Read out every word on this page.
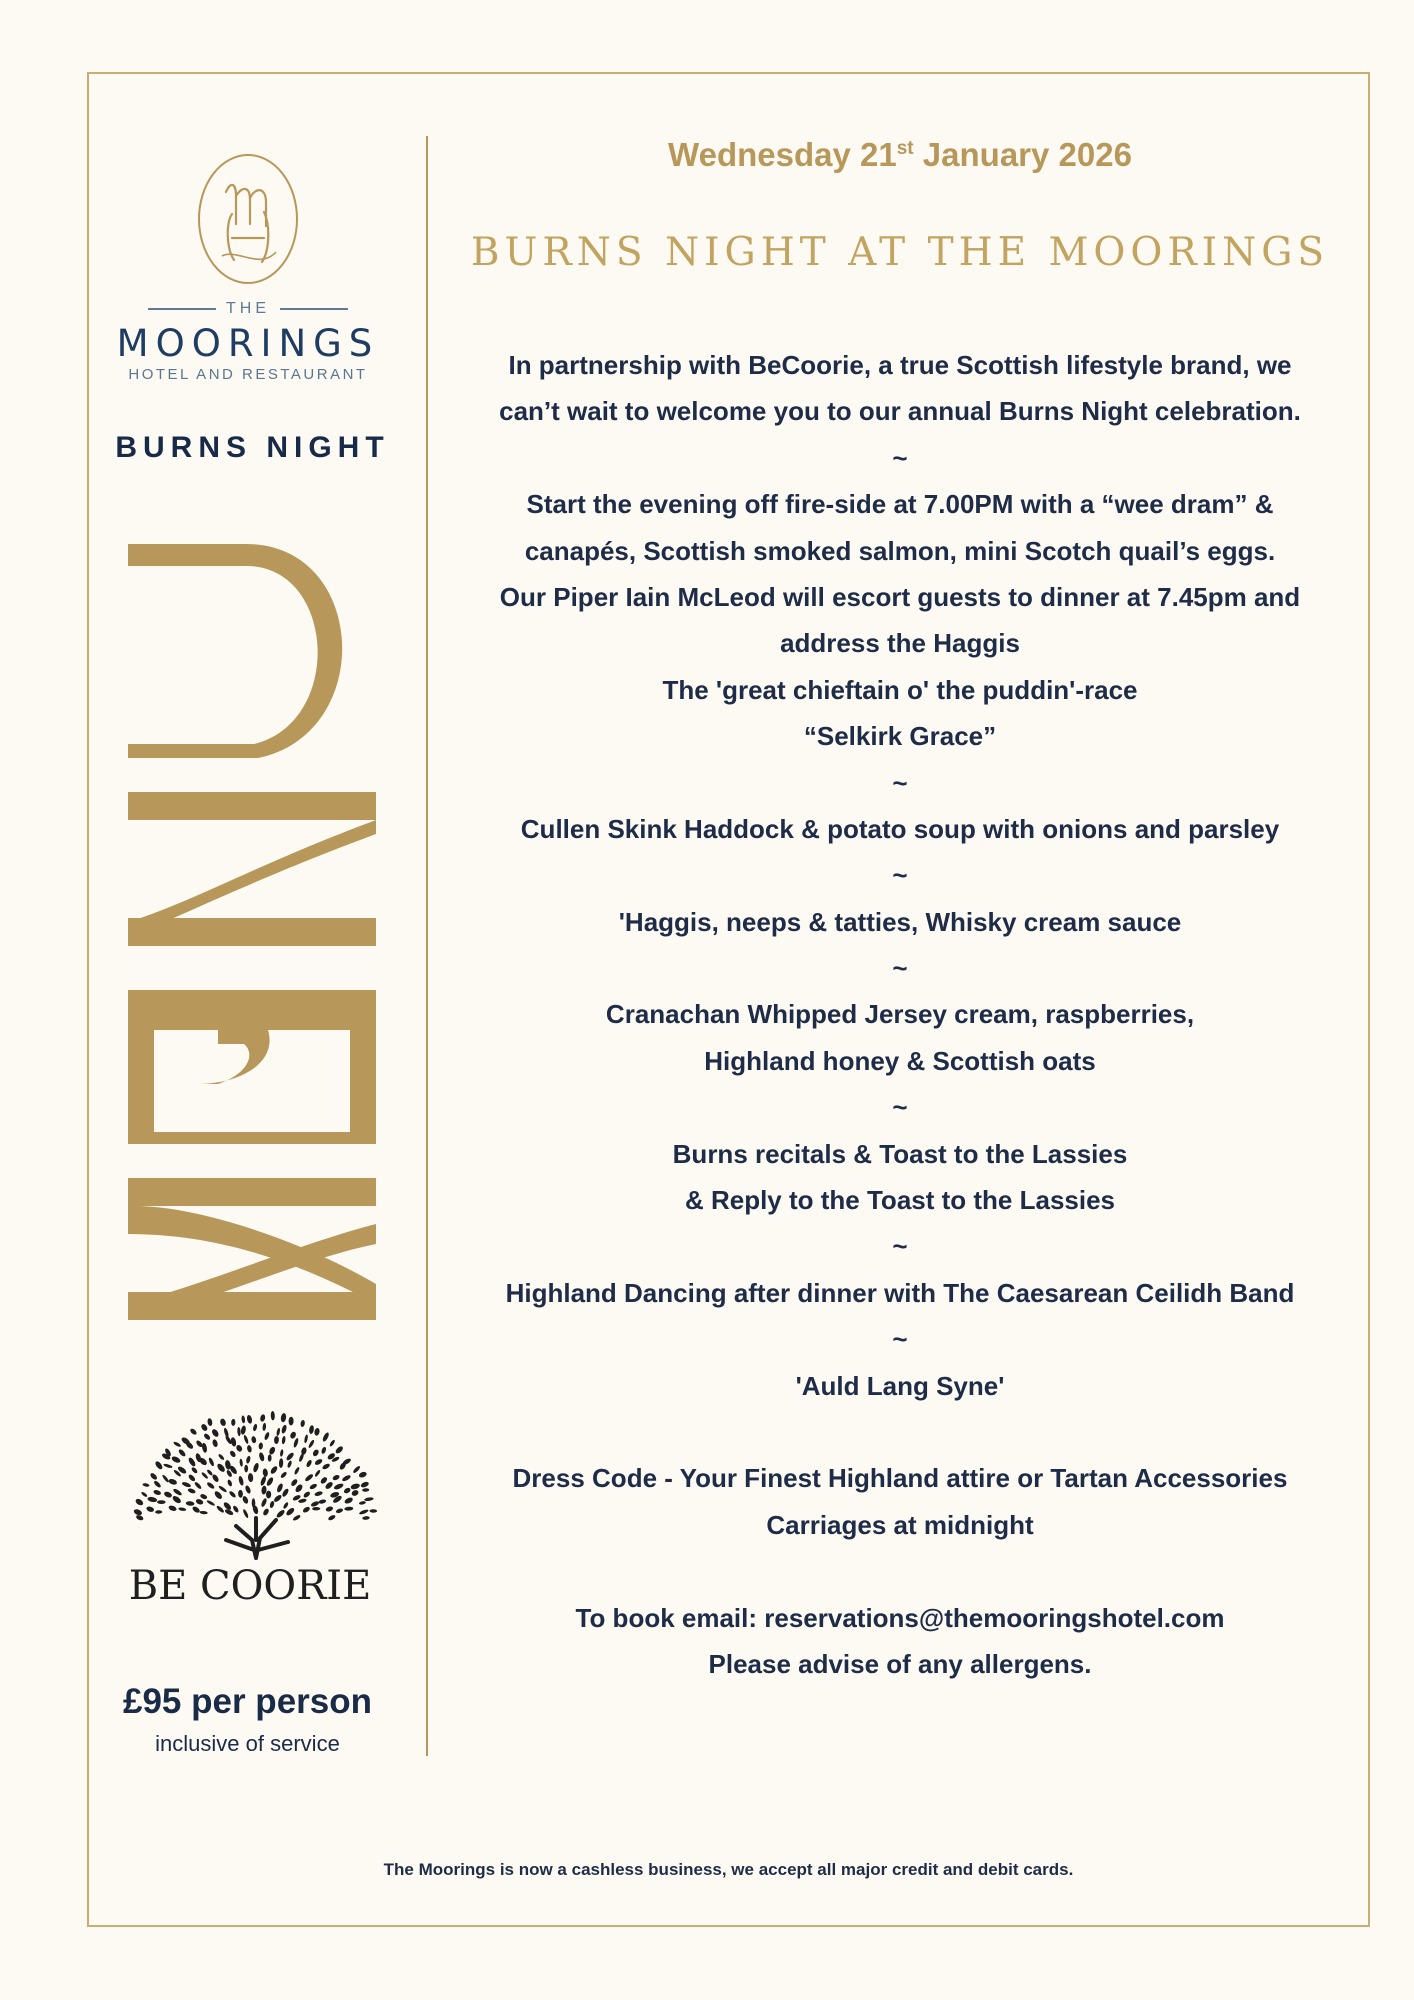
THE
MOORINGS
HOTEL AND RESTAURANT
BURNS NIGHT
BE COORIE
£95 per person
inclusive of service
Wednesday 21st January 2026
BURNS NIGHT AT THE MOORINGS
In partnership with BeCoorie, a true Scottish lifestyle brand, we
can’t wait to welcome you to our annual Burns Night celebration.
~
Start the evening off fire-side at 7.00PM with a “wee dram” &
canapés, Scottish smoked salmon, mini Scotch quail’s eggs.
Our Piper Iain McLeod will escort guests to dinner at 7.45pm and
address the Haggis
The 'great chieftain o' the puddin'-race
“Selkirk Grace”
~
Cullen Skink Haddock & potato soup with onions and parsley
~
'Haggis, neeps & tatties, Whisky cream sauce
~
Cranachan Whipped Jersey cream, raspberries,
Highland honey & Scottish oats
~
Burns recitals & Toast to the Lassies
& Reply to the Toast to the Lassies
~
Highland Dancing after dinner with The Caesarean Ceilidh Band
~
'Auld Lang Syne'
Dress Code - Your Finest Highland attire or Tartan Accessories
Carriages at midnight
To book email: reservations@themooringshotel.com
Please advise of any allergens.
The Moorings is now a cashless business, we accept all major credit and debit cards.
